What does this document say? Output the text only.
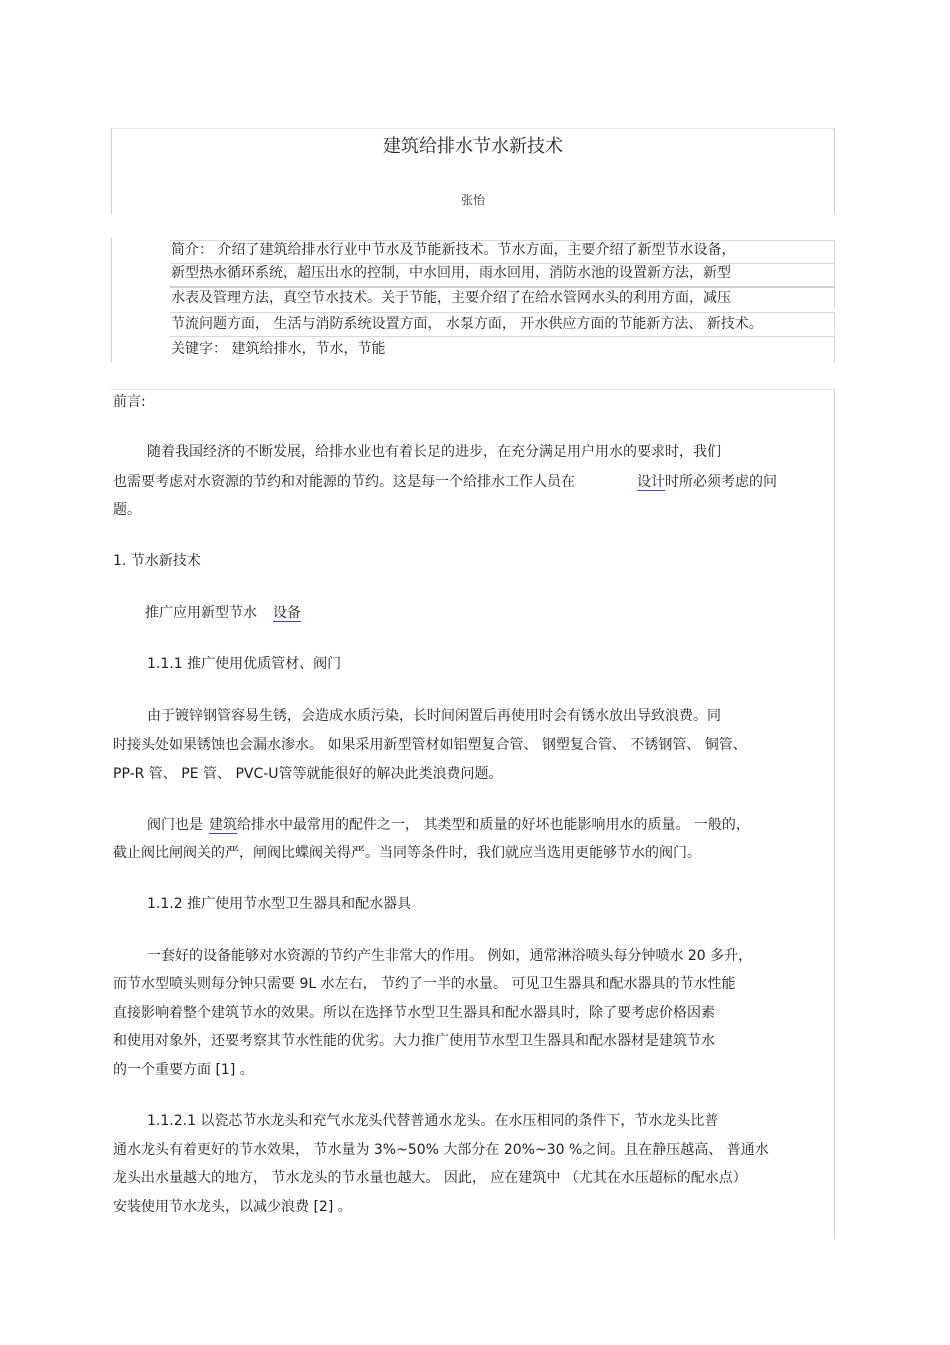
建筑给排水节水新技术
张怡
简介： 介绍了建筑给排水行业中节水及节能新技术。节水方面，主要介绍了新型节水设备，
新型热水循环系统，超压出水的控制，中水回用，雨水回用，消防水池的设置新方法，新型
水表及管理方法，真空节水技术。关于节能，主要介绍了在给水管网水头的利用方面，减压
节流问题方面， 生活与消防系统设置方面， 水泵方面， 开水供应方面的节能新方法、 新技术。
关键字： 建筑给排水，节水，节能
前言:
随着我国经济的不断发展，给排水业也有着长足的进步，在充分满足用户用水的要求时，我们
也需要考虑对水资源的节约和对能源的节约。这是每一个给排水工作人员在	设计时所必须考虑的问
题。
1. 节水新技术
推广应用新型节水 设备
1.1.1 推广使用优质管材、阀门
由于镀锌钢管容易生锈，会造成水质污染，长时间闲置后再使用时会有锈水放出导致浪费。同
时接头处如果锈蚀也会漏水渗水。 如果采用新型管材如铝塑复合管、 钢塑复合管、 不锈钢管、 铜管、
PP-R 管、 PE 管、 PVC-U管等就能很好的解决此类浪费问题。
阀门也是 建筑给排水中最常用的配件之一， 其类型和质量的好坏也能影响用水的质量。 一般的，
截止阀比闸阀关的严，闸阀比蝶阀关得严。当同等条件时，我们就应当选用更能够节水的阀门。
1.1.2 推广使用节水型卫生器具和配水器具
一套好的设备能够对水资源的节约产生非常大的作用。 例如，通常淋浴喷头每分钟喷水 20 多升，
而节水型喷头则每分钟只需要 9L 水左右， 节约了一半的水量。 可见卫生器具和配水器具的节水性能
直接影响着整个建筑节水的效果。所以在选择节水型卫生器具和配水器具时，除了要考虑价格因素
和使用对象外，还要考察其节水性能的优劣。大力推广使用节水型卫生器具和配水器材是建筑节水
的一个重要方面 [1] 。
1.1.2.1 以瓷芯节水龙头和充气水龙头代替普通水龙头。在水压相同的条件下，节水龙头比普
通水龙头有着更好的节水效果， 节水量为 3%~50% 大部分在 20%~30 %之间。且在静压越高、 普通水
龙头出水量越大的地方， 节水龙头的节水量也越大。 因此， 应在建筑中 （尤其在水压超标的配水点）
安装使用节水龙头，以减少浪费 [2] 。
